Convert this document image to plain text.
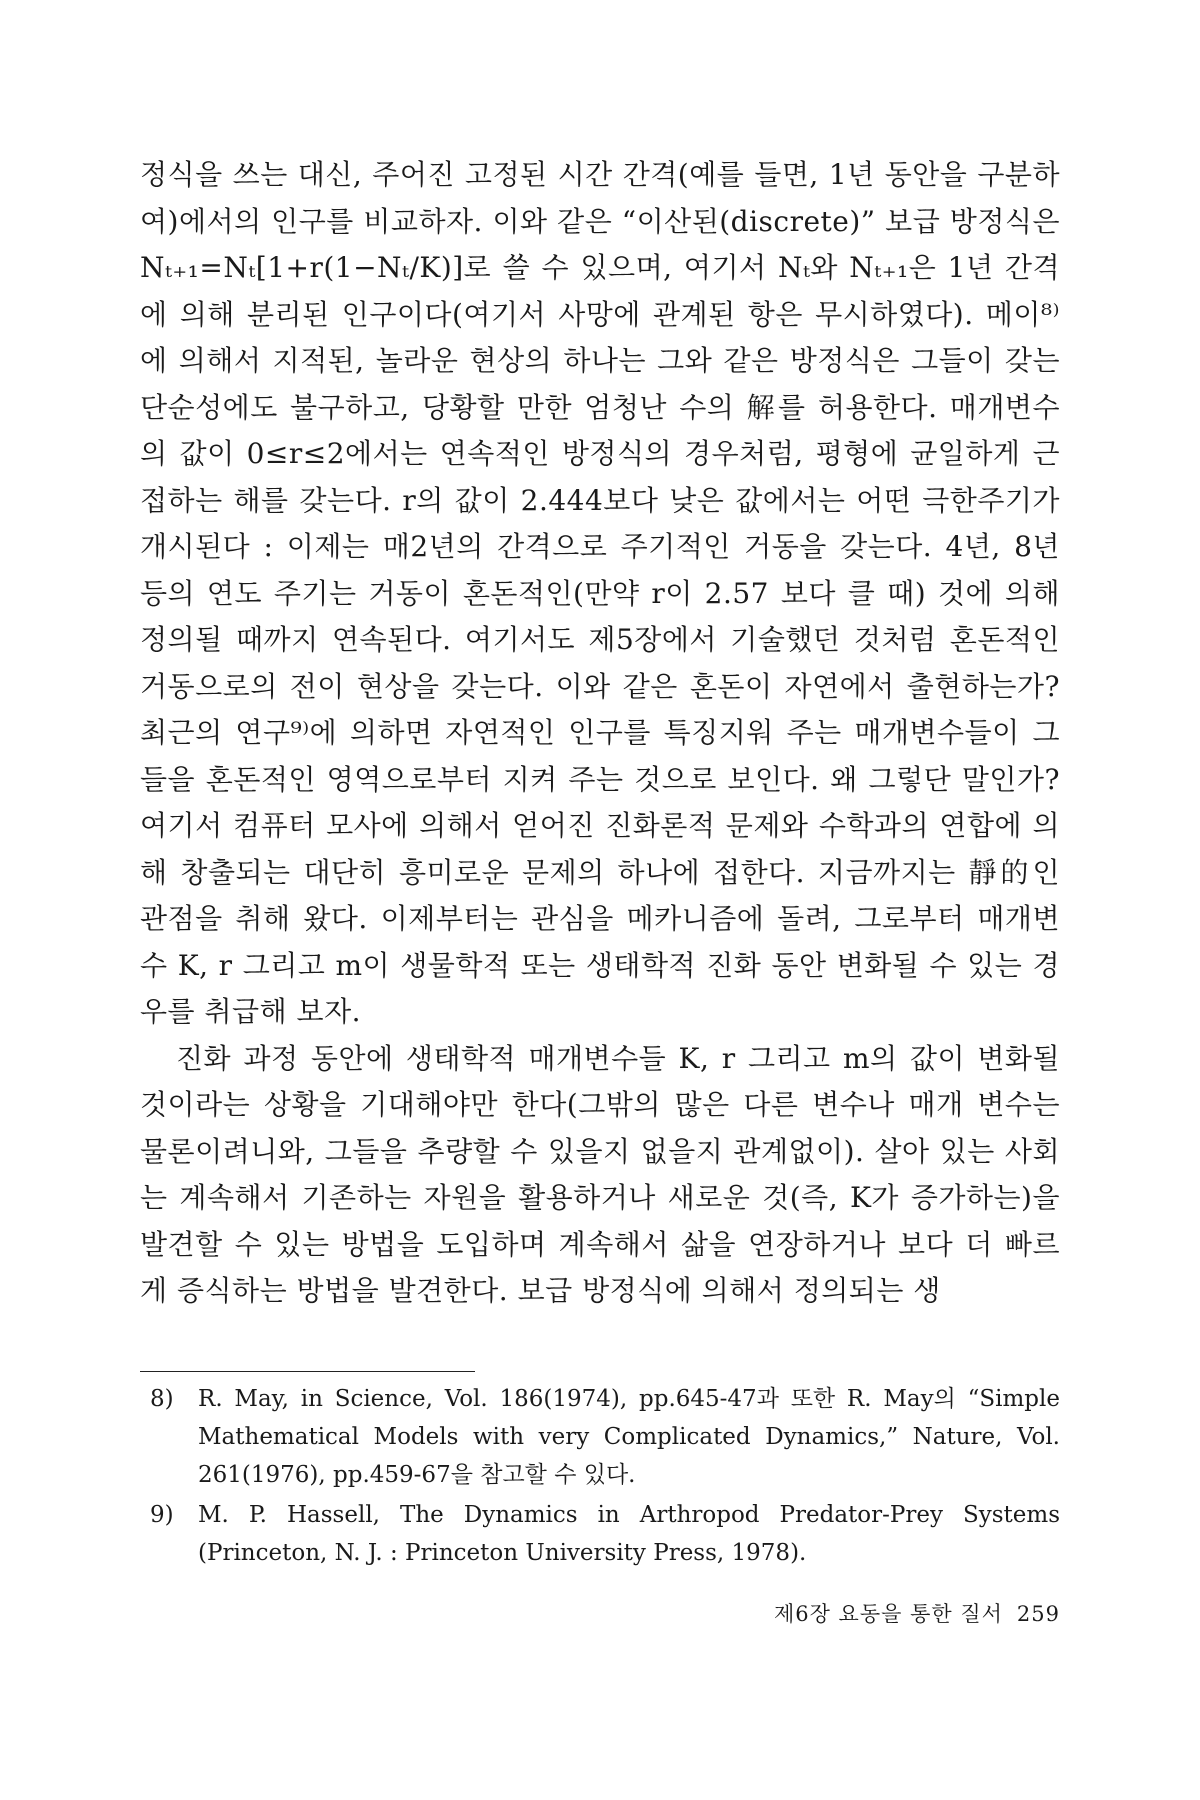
정식을 쓰는 대신, 주어진 고정된 시간 간격(예를 들면, 1년 동안을 구분하여)에서의 인구를 비교하자. 이와 같은 “이산된(discrete)” 보급 방정식은 Nₜ₊₁=Nₜ[1+r(1−Nₜ/K)]로 쓸 수 있으며, 여기서 Nₜ와 Nₜ₊₁은 1년 간격에 의해 분리된 인구이다(여기서 사망에 관계된 항은 무시하였다). 메이⁸⁾에 의해서 지적된, 놀라운 현상의 하나는 그와 같은 방정식은 그들이 갖는 단순성에도 불구하고, 당황할 만한 엄청난 수의 解를 허용한다. 매개변수의 값이 0≤r≤2에서는 연속적인 방정식의 경우처럼, 평형에 균일하게 근접하는 해를 갖는다. r의 값이 2.444보다 낮은 값에서는 어떤 극한주기가 개시된다 : 이제는 매2년의 간격으로 주기적인 거동을 갖는다. 4년, 8년 등의 연도 주기는 거동이 혼돈적인(만약 r이 2.57 보다 클 때) 것에 의해 정의될 때까지 연속된다. 여기서도 제5장에서 기술했던 것처럼 혼돈적인 거동으로의 전이 현상을 갖는다. 이와 같은 혼돈이 자연에서 출현하는가? 최근의 연구⁹⁾에 의하면 자연적인 인구를 특징지워 주는 매개변수들이 그들을 혼돈적인 영역으로부터 지켜 주는 것으로 보인다. 왜 그렇단 말인가? 여기서 컴퓨터 모사에 의해서 얻어진 진화론적 문제와 수학과의 연합에 의해 창출되는 대단히 흥미로운 문제의 하나에 접한다. 지금까지는 靜的인 관점을 취해 왔다. 이제부터는 관심을 메카니즘에 돌려, 그로부터 매개변수 K, r 그리고 m이 생물학적 또는 생태학적 진화 동안 변화될 수 있는 경우를 취급해 보자.

진화 과정 동안에 생태학적 매개변수들 K, r 그리고 m의 값이 변화될 것이라는 상황을 기대해야만 한다(그밖의 많은 다른 변수나 매개 변수는 물론이려니와, 그들을 추량할 수 있을지 없을지 관계없이). 살아 있는 사회는 계속해서 기존하는 자원을 활용하거나 새로운 것(즉, K가 증가하는)을 발견할 수 있는 방법을 도입하며 계속해서 삶을 연장하거나 보다 더 빠르게 증식하는 방법을 발견한다. 보급 방정식에 의해서 정의되는 생

8)	R. May, in Science, Vol. 186(1974), pp.645-47과 또한 R. May의 “Simple Mathematical Models with very Complicated Dynamics,” Nature, Vol. 261(1976), pp.459-67을 참고할 수 있다.
9)	M. P. Hassell, The Dynamics in Arthropod Predator-Prey Systems (Princeton, N. J. : Princeton University Press, 1978).
제6장 요동을 통한 질서 259
